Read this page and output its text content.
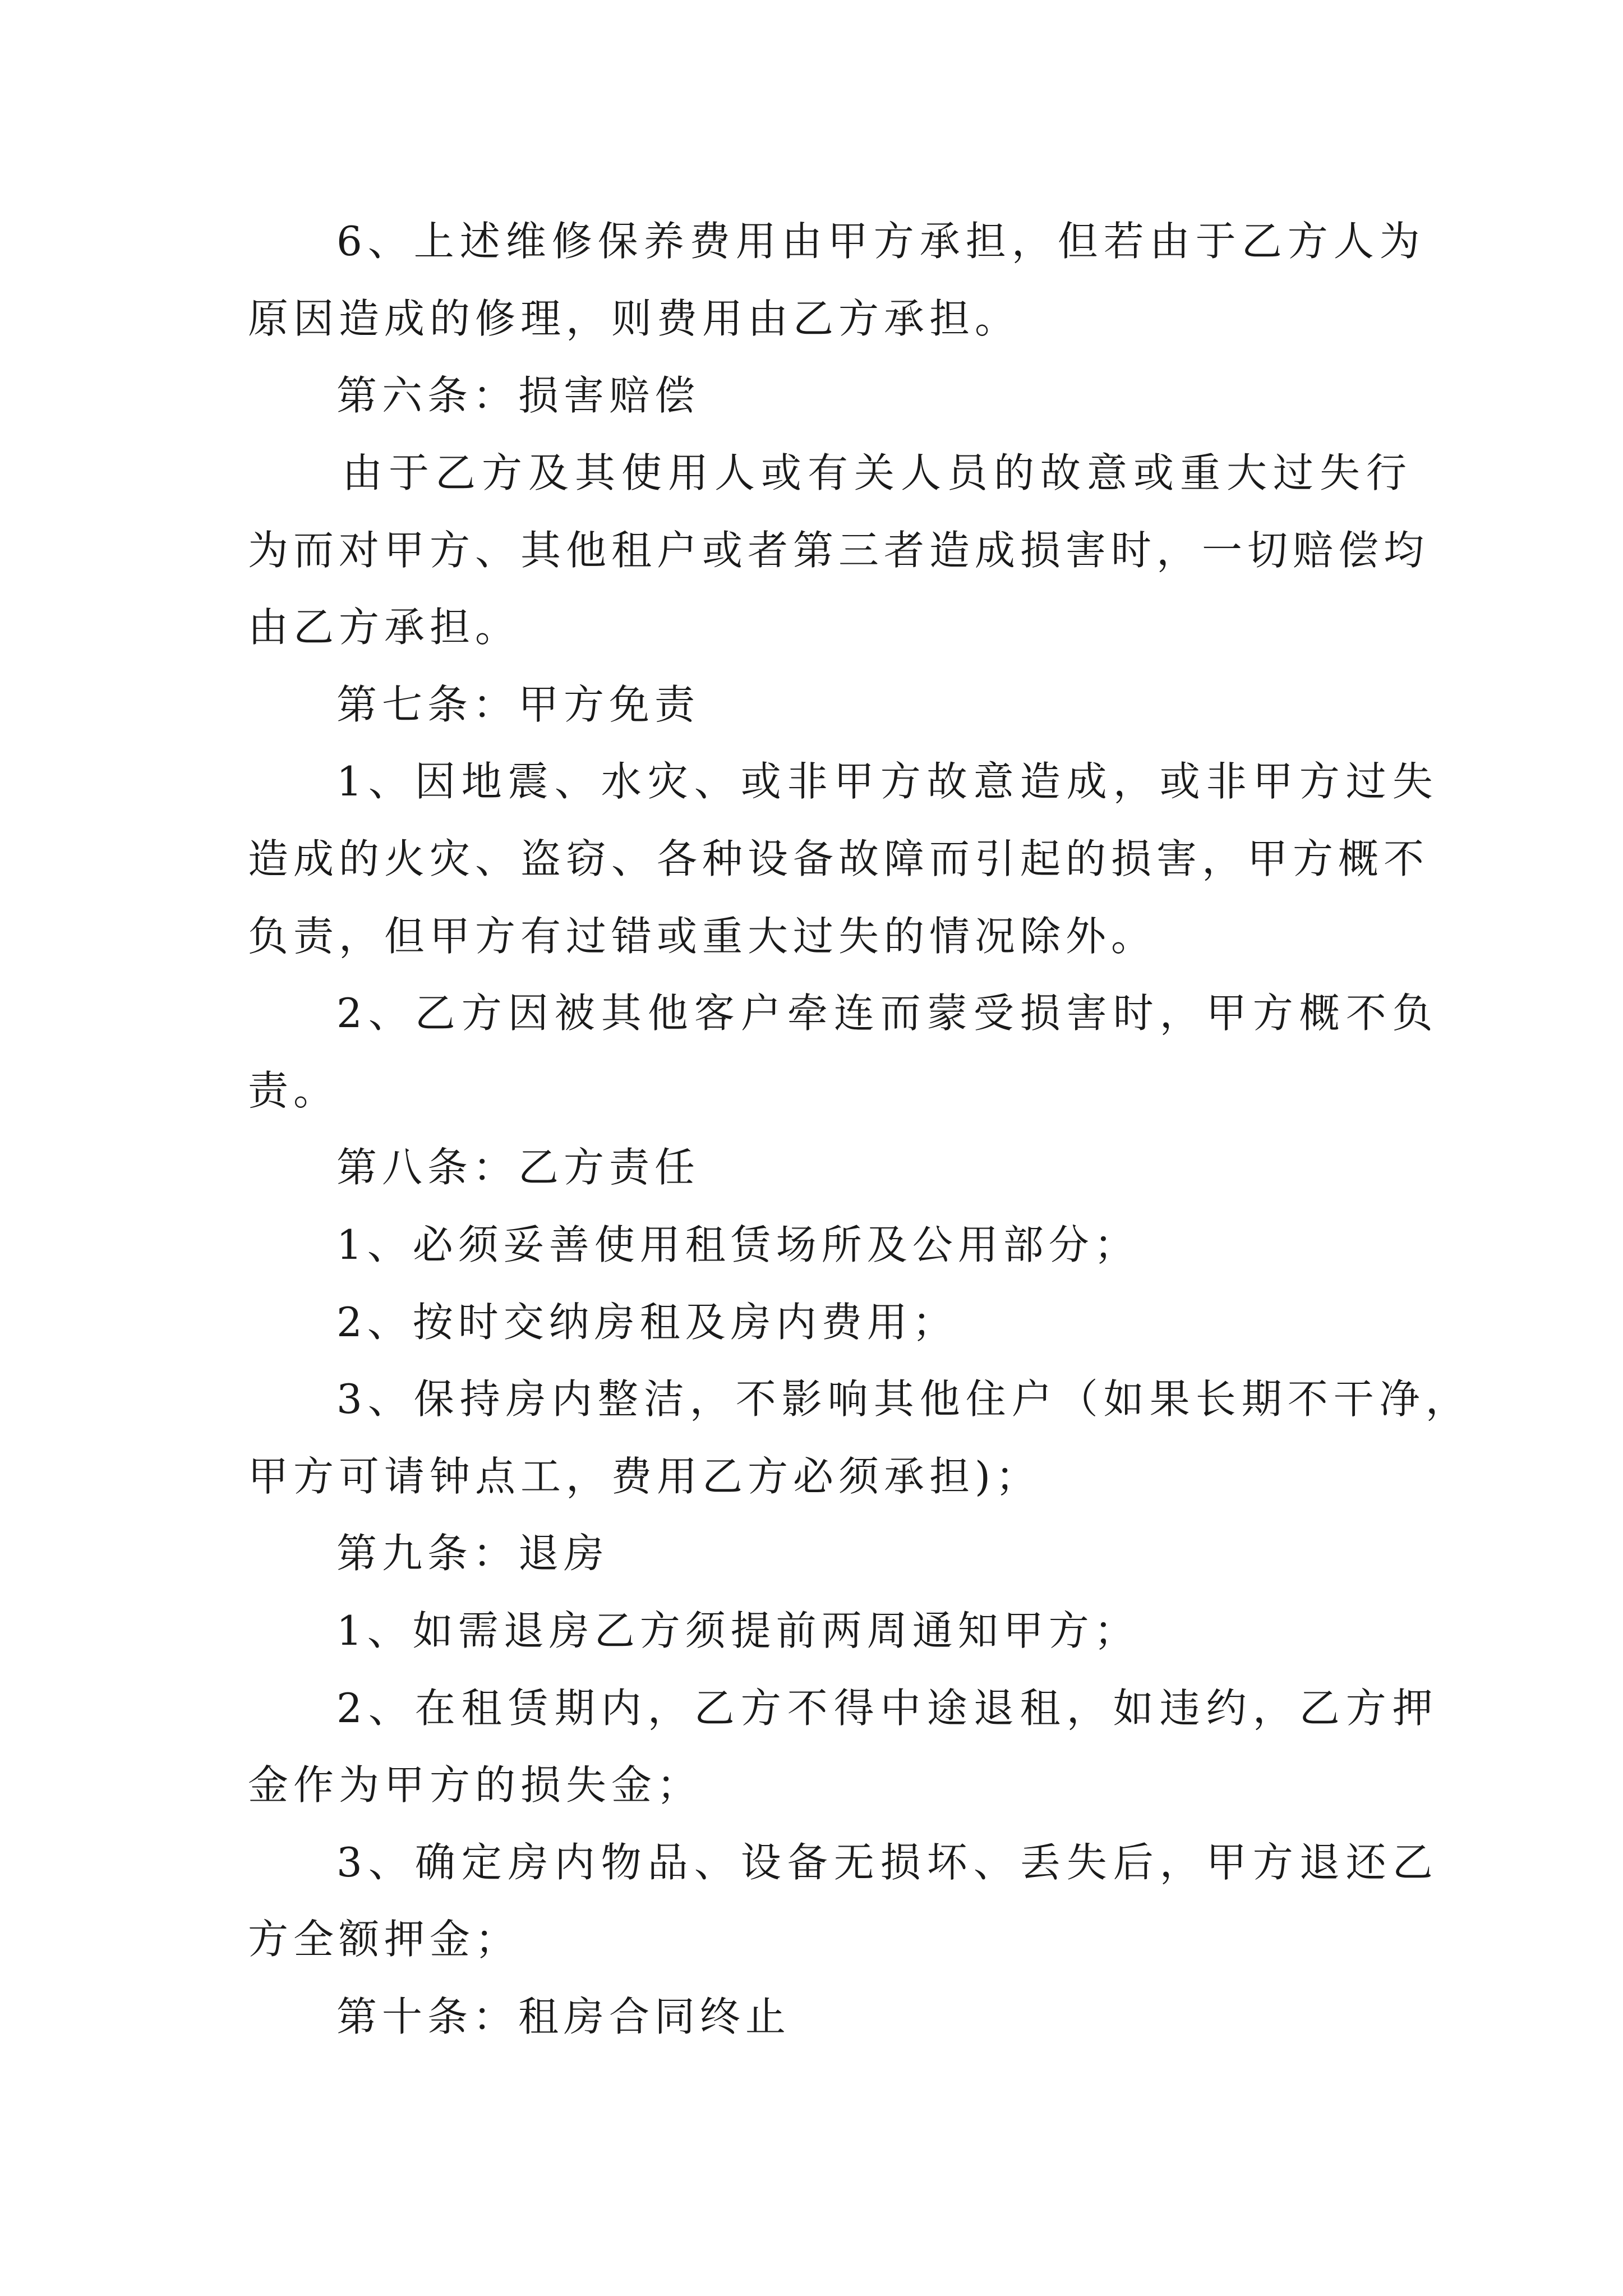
6、上述维修保养费用由甲方承担，但若由于乙方人为
原因造成的修理，则费用由乙方承担。
第六条：损害赔偿
由于乙方及其使用人或有关人员的故意或重大过失行
为而对甲方、其他租户或者第三者造成损害时，一切赔偿均
由乙方承担。
第七条：甲方免责
1、因地震、水灾、或非甲方故意造成，或非甲方过失
造成的火灾、盗窃、各种设备故障而引起的损害，甲方概不
负责，但甲方有过错或重大过失的情况除外。
2、乙方因被其他客户牵连而蒙受损害时，甲方概不负
责。
第八条：乙方责任
1、必须妥善使用租赁场所及公用部分；
2、按时交纳房租及房内费用；
3、保持房内整洁，不影响其他住户（如果长期不干净，
甲方可请钟点工，费用乙方必须承担)；
第九条：退房
1、如需退房乙方须提前两周通知甲方；
2、在租赁期内，乙方不得中途退租，如违约，乙方押
金作为甲方的损失金；
3、确定房内物品、设备无损坏、丢失后，甲方退还乙
方全额押金；
第十条：租房合同终止
